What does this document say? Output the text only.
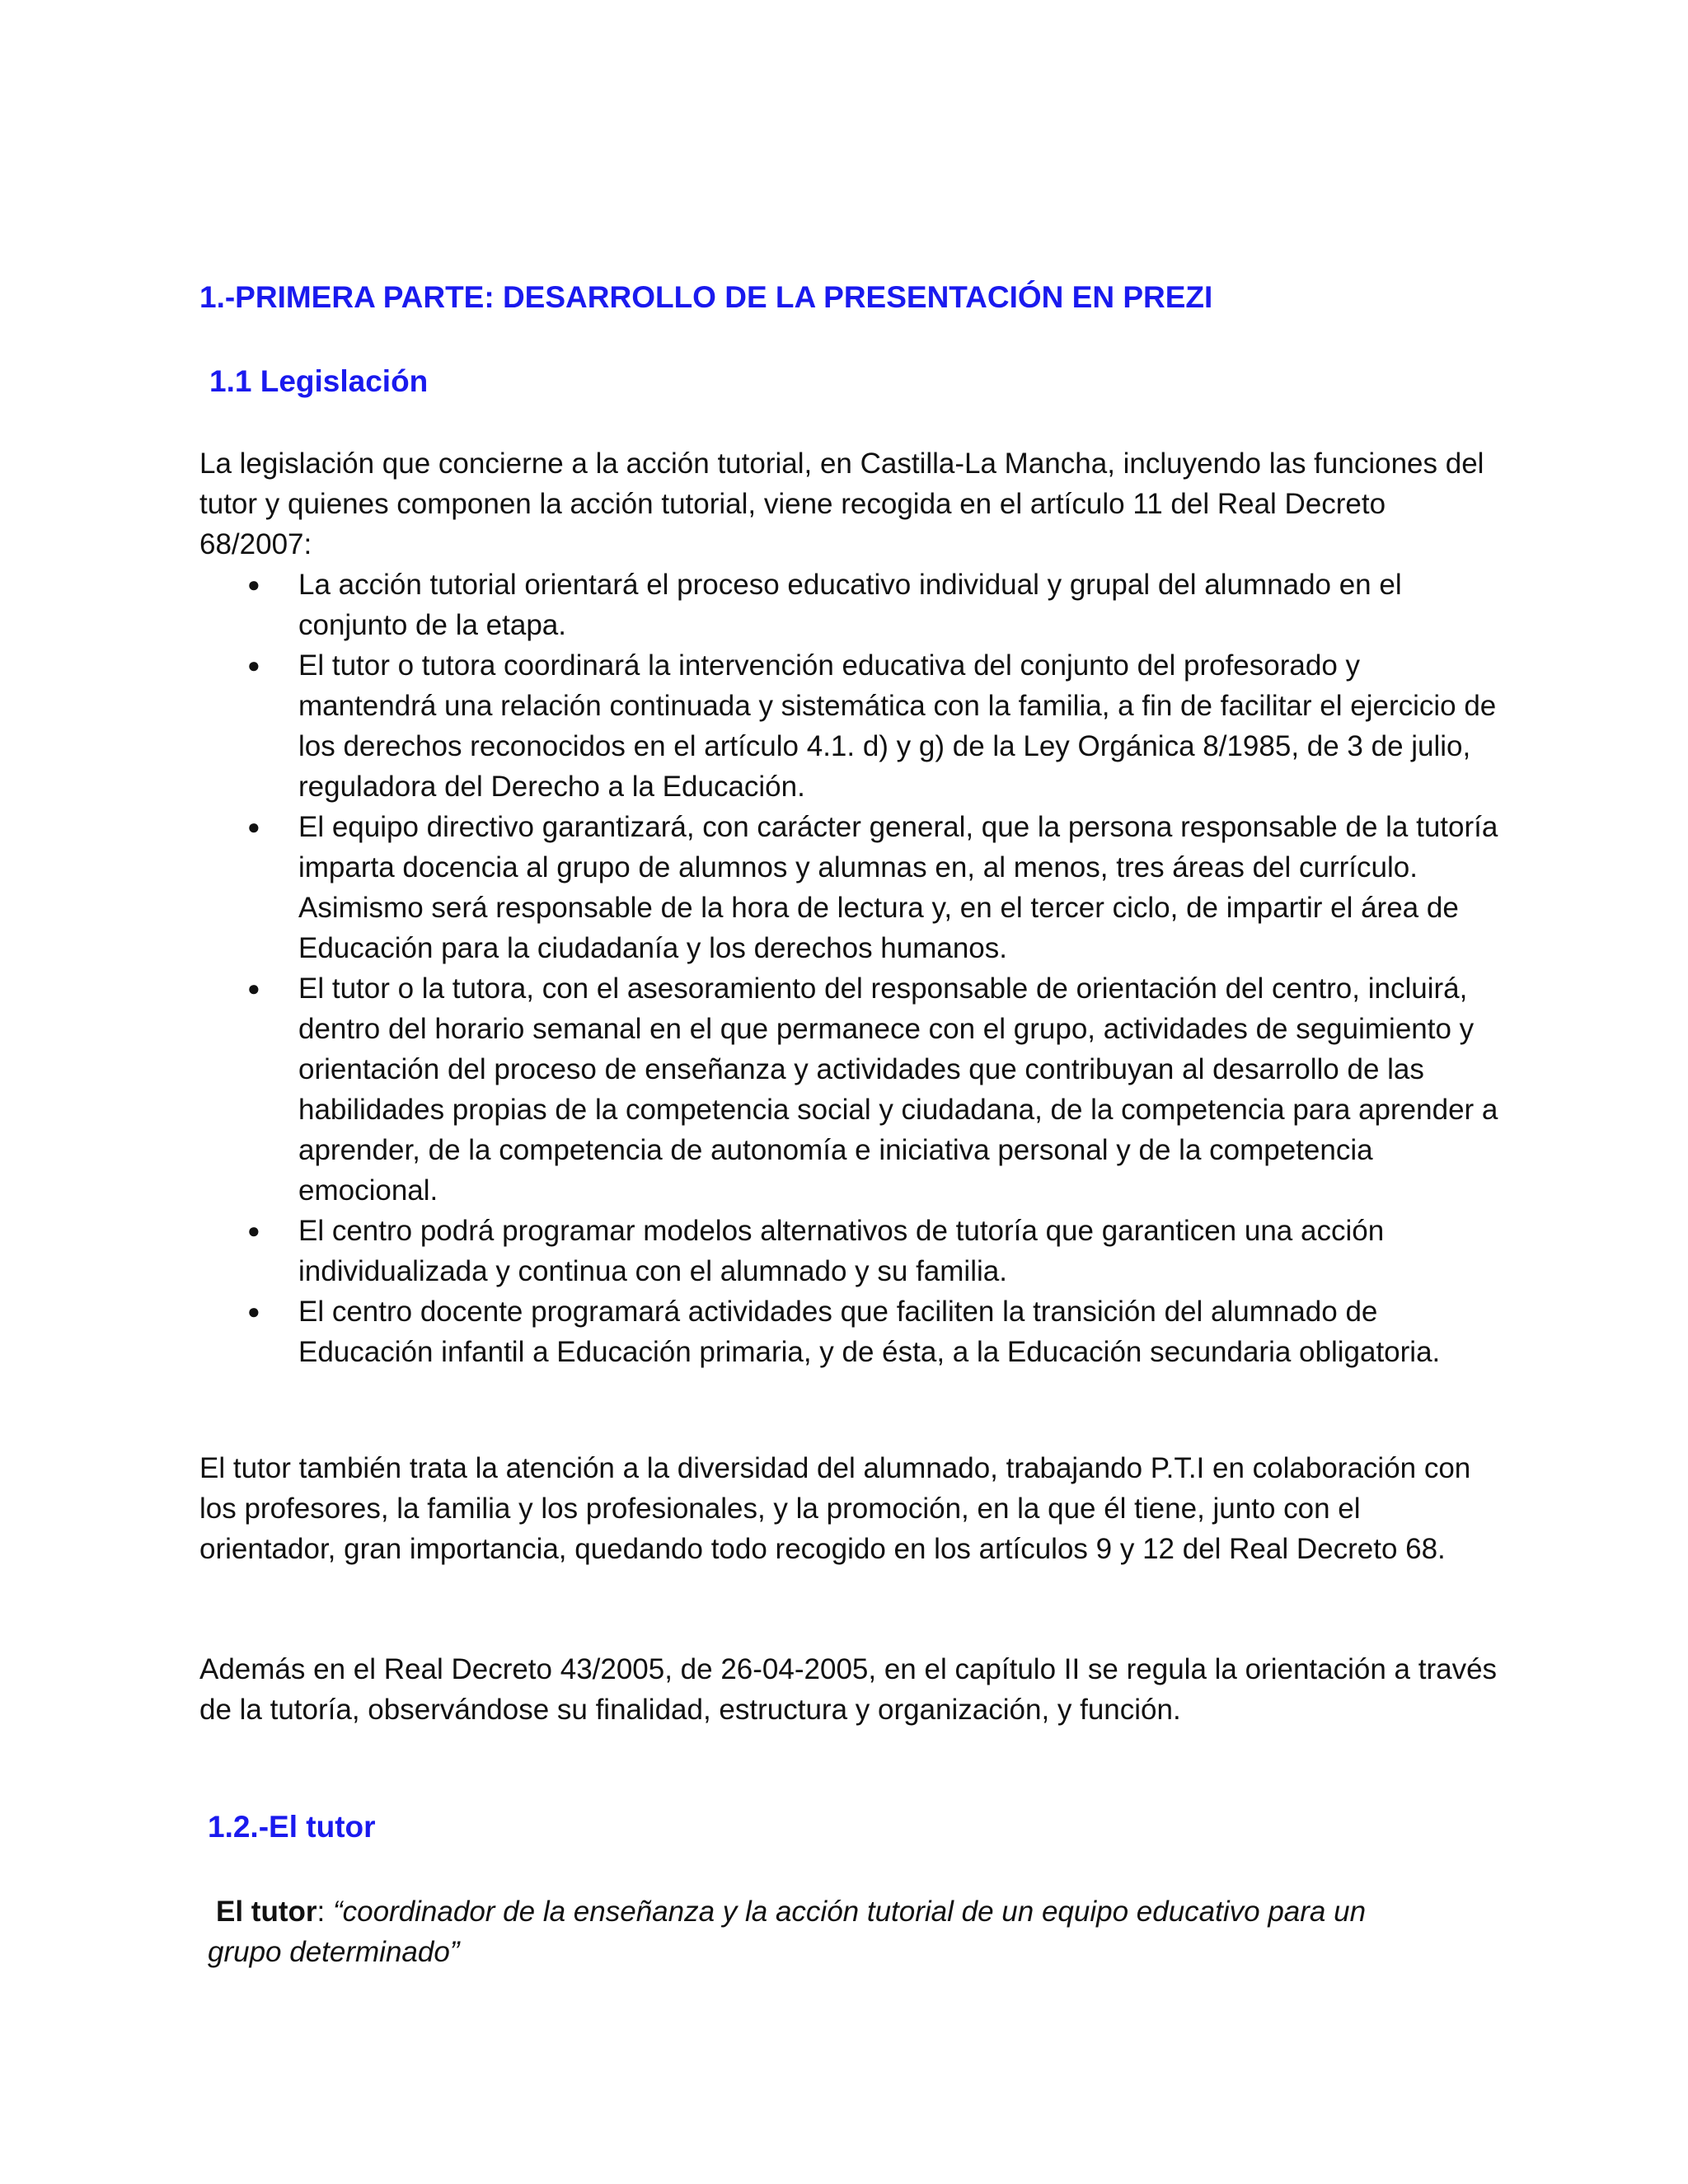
1.-PRIMERA PARTE: DESARROLLO DE LA PRESENTACIÓN EN PREZI
1.1 Legislación

La legislación que concierne a la acción tutorial, en Castilla-La Mancha, incluyendo las funciones del tutor y quienes componen la acción tutorial, viene recogida en el artículo 11 del Real Decreto 68/2007:

● La acción tutorial orientará el proceso educativo individual y grupal del alumnado en el conjunto de la etapa.
● El tutor o tutora coordinará la intervención educativa del conjunto del profesorado y mantendrá una relación continuada y sistemática con la familia, a fin de facilitar el ejercicio de los derechos reconocidos en el artículo 4.1. d) y g) de la Ley Orgánica 8/1985, de 3 de julio, reguladora del Derecho a la Educación.
● El equipo directivo garantizará, con carácter general, que la persona responsable de la tutoría imparta docencia al grupo de alumnos y alumnas en, al menos, tres áreas del currículo. Asimismo será responsable de la hora de lectura y, en el tercer ciclo, de impartir el área de Educación para la ciudadanía y los derechos humanos.
● El tutor o la tutora, con el asesoramiento del responsable de orientación del centro, incluirá, dentro del horario semanal en el que permanece con el grupo, actividades de seguimiento y orientación del proceso de enseñanza y actividades que contribuyan al desarrollo de las habilidades propias de la competencia social y ciudadana, de la competencia para aprender a aprender, de la competencia de autonomía e iniciativa personal y de la competencia emocional.
● El centro podrá programar modelos alternativos de tutoría que garanticen una acción individualizada y continua con el alumnado y su familia.
● El centro docente programará actividades que faciliten la transición del alumnado de Educación infantil a Educación primaria, y de ésta, a la Educación secundaria obligatoria.

El tutor también trata la atención a la diversidad del alumnado, trabajando P.T.I en colaboración con los profesores, la familia y los profesionales, y la promoción, en la que él tiene, junto con el orientador, gran importancia, quedando todo recogido en los artículos 9 y 12 del Real Decreto 68.

Además en el Real Decreto 43/2005, de 26-04-2005, en el capítulo II se regula la orientación a través de la tutoría, observándose su finalidad, estructura y organización, y función.

1.2.-El tutor

El tutor: “coordinador de la enseñanza y la acción tutorial de un equipo educativo para un
grupo determinado”
